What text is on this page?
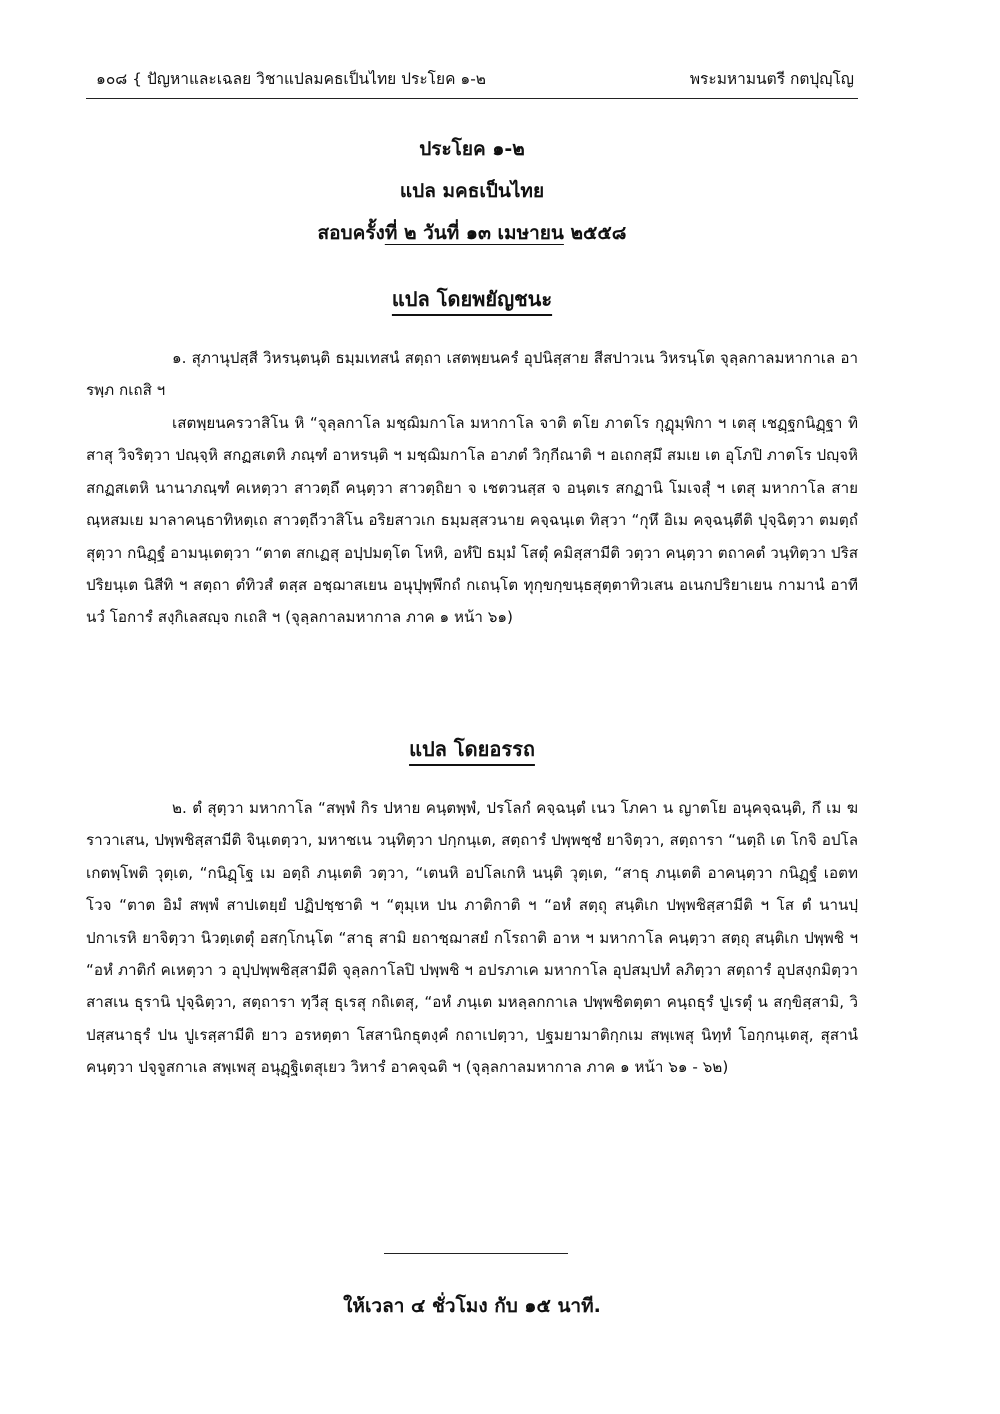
๑๐๘ { ปัญหาและเฉลย วิชาแปลมคธเป็นไทย ประโยค ๑-๒	พระมหามนตรี กตปุญฺโญ
ประโยค ๑-๒
แปล มคธเป็นไทย
สอบครั้งที่ ๒ วันที่ ๑๓ เมษายน ๒๕๕๘
แปล โดยพยัญชนะ

๑. สุภานุปสฺสี วิหรนฺตนฺติ ธมฺมเทสนํ สตฺถา เสตพฺยนครํ อุปนิสฺสาย สีสปาวเน วิหรนฺโต จุลฺลกาลมหากาเล อารพฺภ กเถสิ ฯ

เสตพฺยนครวาสิโน หิ “จุลฺลกาโล มชฺฌิมกาโล มหากาโล จาติ ตโย ภาตโร กุฏุมฺพิกา ฯ เตสุ เชฏฺฐกนิฏฺฐา ทิสาสุ วิจริตฺวา ปณฺจฺหิ สกฏสเตหิ ภณฺฑํ อาหรนฺติ ฯ มชฺฌิมกาโล อาภตํ วิกฺกีณาติ ฯ อเถกสฺมึ สมเย เต อุโภปิ ภาตโร ปญฺจหิ สกฏสเตหิ นานาภณฺฑํ คเหตฺวา สาวตฺถึ คนฺตฺวา สาวตฺถิยา จ เชตวนสฺส จ อนฺตเร สกฏานิ โมเจสุํ ฯ เตสุ มหากาโล สายณฺหสมเย มาลาคนฺธาทิหตฺเถ สาวตฺถีวาสิโน อริยสาวเก ธมฺมสฺสวนาย คจฺฉนฺเต ทิสฺวา “กุหึ อิเม คจฺฉนฺตีติ ปุจฺฉิตฺวา ตมตฺถํ สุตฺวา กนิฏฺฐํ อามนฺเตตฺวา “ตาต สกเฏสุ อปฺปมตฺโต โหหิ, อหํปิ ธมฺมํ โสตุํ คมิสฺสามีติ วตฺวา คนฺตฺวา ตถาคตํ วนฺทิตฺวา ปริสปริยนฺเต นิสีทิ ฯ สตฺถา ตํทิวสํ ตสฺส อชฺฌาสเยน อนุปุพฺพึกถํ กเถนฺโต ทุกฺขกฺขนฺธสุตฺตาทิวเสน อเนกปริยาเยน กามานํ อาทีนวํ โอการํ สงฺกิเลสญฺจ กเถสิ ฯ (จุลฺลกาลมหากาล ภาค ๑ หน้า ๖๑)

แปล โดยอรรถ

๒. ตํ สุตฺวา มหากาโล “สพฺพํ กิร ปหาย คนฺตพฺพํ, ปรโลกํ คจฺฉนฺตํ เนว โภคา น ญาตโย อนุคจฺฉนฺติ, กึ เม ฆราวาเสน, ปพฺพชิสฺสามีติ จินฺเตตฺวา, มหาชเน วนฺทิตฺวา ปกฺกนฺเต, สตฺถารํ ปพฺพชฺชํ ยาจิตฺวา, สตฺถารา “นตฺถิ เต โกจิ อปโลเกตพฺโพติ วุตฺเต, “กนิฏฺโฐ เม อตฺถิ ภนฺเตติ วตฺวา, “เตนหิ อปโลเกหิ นนฺติ วุตฺเต, “สาธุ ภนฺเตติ อาคนฺตฺวา กนิฏฺฐํ เอตทโวจ “ตาต อิมํ สพฺพํ สาปเตยฺยํ ปฏิปชฺชาติ ฯ “ตุมฺเห ปน ภาติกาติ ฯ “อหํ สตฺถุ สนฺติเก ปพฺพชิสฺสามีติ ฯ โส ตํ นานปฺปกาเรหิ ยาจิตฺวา นิวตฺเตตุํ อสกฺโกนฺโต “สาธุ สามิ ยถาชฺฌาสยํ กโรถาติ อาห ฯ มหากาโล คนฺตฺวา สตฺถุ สนฺติเก ปพฺพชิ ฯ “อหํ ภาติกํ คเหตฺวา ว อุปฺปพฺพชิสฺสามีติ จุลฺลกาโลปิ ปพฺพชิ ฯ อปรภาเค มหากาโล อุปสมฺปทํ ลภิตฺวา สตฺถารํ อุปสงฺกมิตฺวา สาสเน ธุรานิ ปุจฺฉิตฺวา, สตฺถารา ทฺวีสุ ธุเรสุ กถิเตสุ, “อหํ ภนฺเต มหลฺลกกาเล ปพฺพชิตตฺตา คนฺถธุรํ ปูเรตุํ น สกฺขิสฺสามิ, วิปสฺสนาธุรํ ปน ปูเรสฺสามีติ ยาว อรหตฺตา โสสานิกธุตงฺคํ กถาเปตฺวา, ปฐมยามาติกฺกเม สพฺเพสุ นิทฺทํ โอกฺกนฺเตสุ, สุสานํ คนฺตฺวา ปจฺจูสกาเล สพฺเพสุ อนุฏฺฐิเตสุเยว วิหารํ อาคจฺฉติ ฯ (จุลฺลกาลมหากาล ภาค ๑ หน้า ๖๑ - ๖๒)

ให้เวลา ๔ ชั่วโมง กับ ๑๕ นาที.
